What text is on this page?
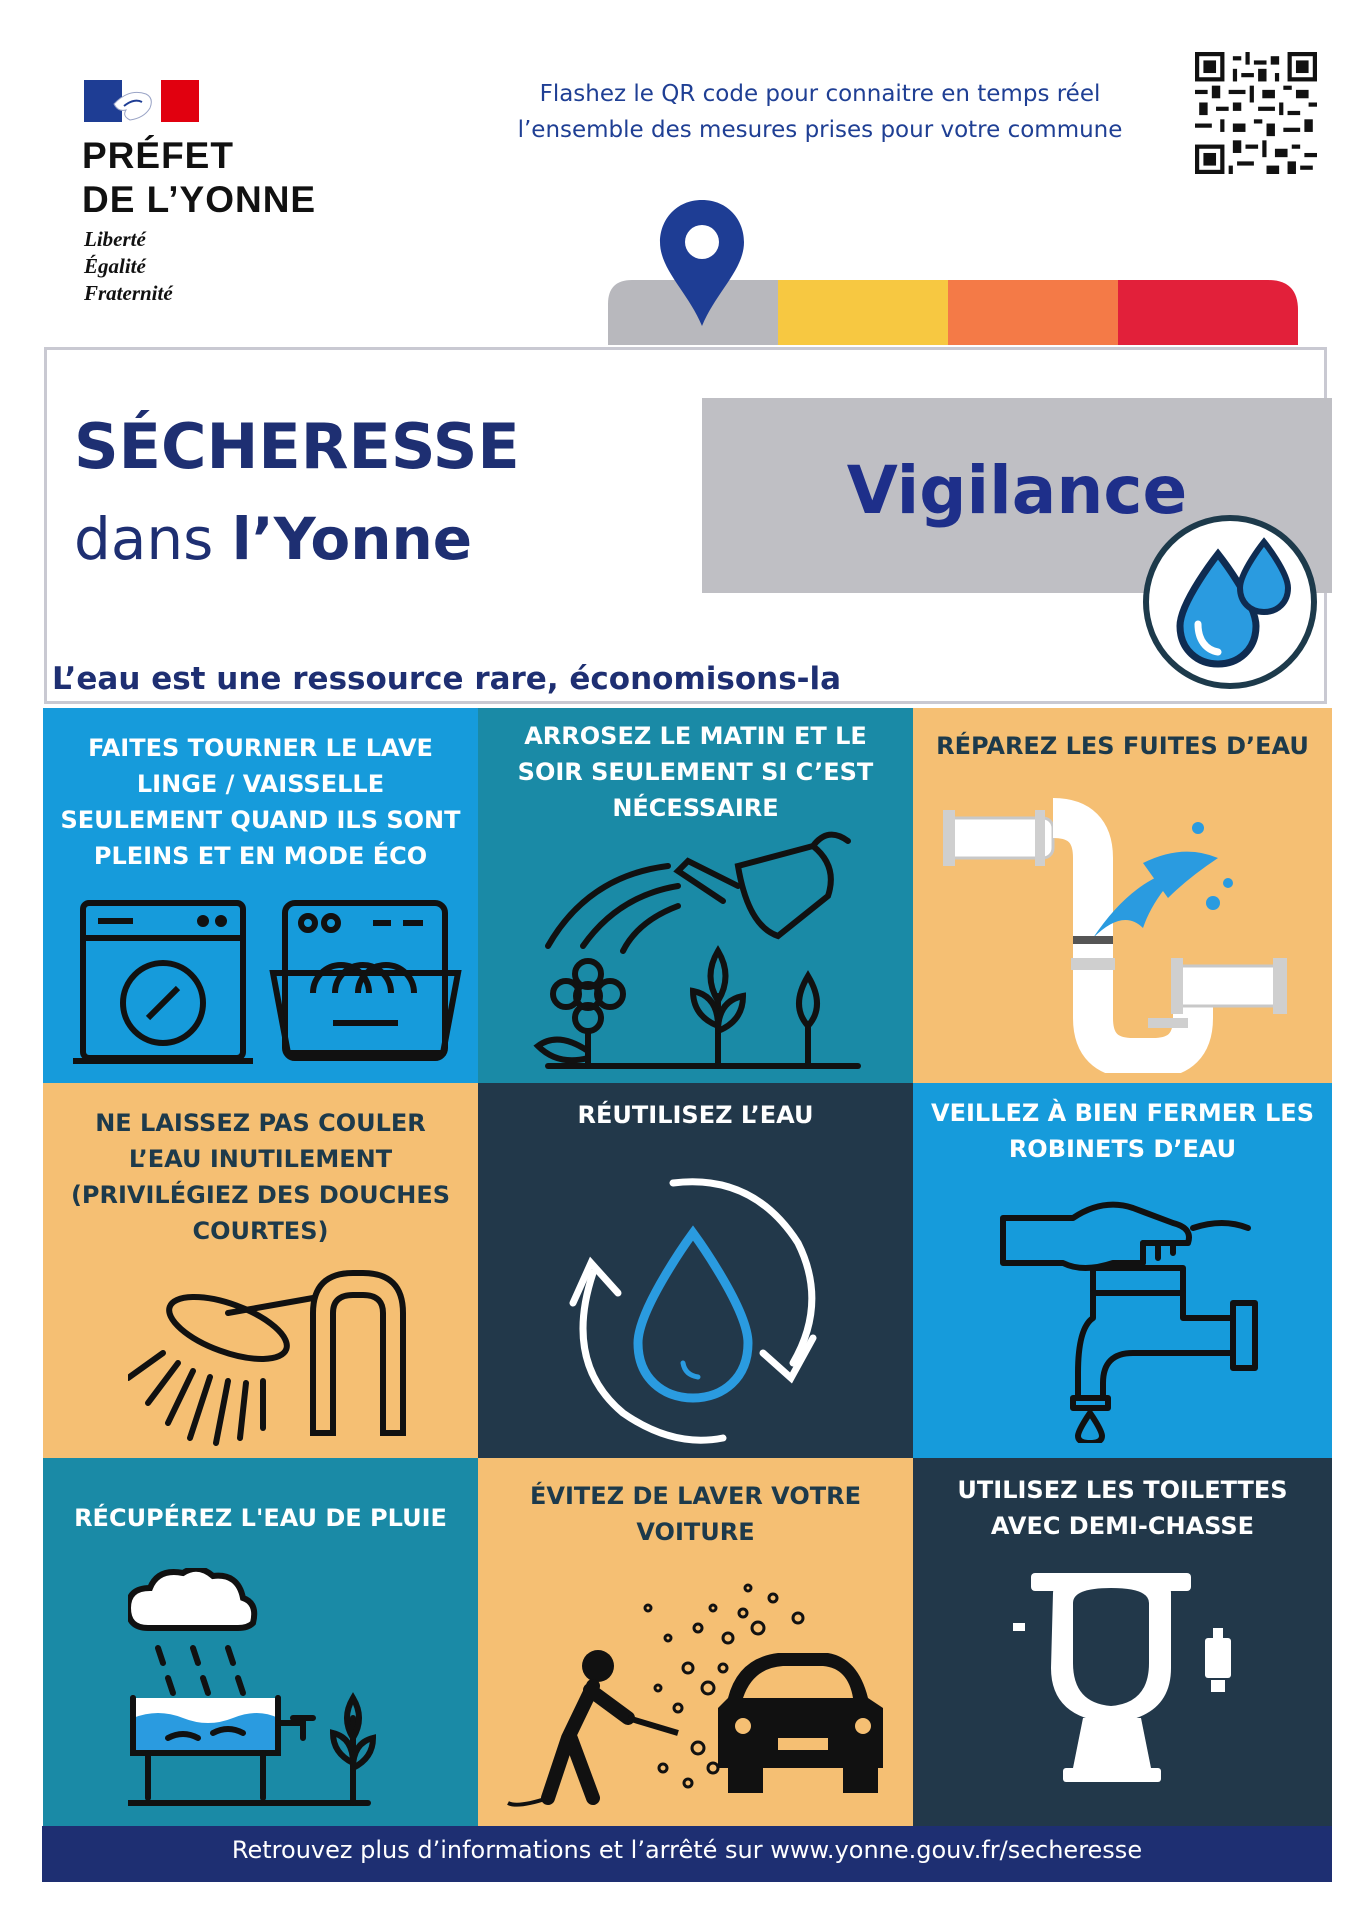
PRÉFET
DE L’YONNE
Liberté
Égalité
Fraternité
Flashez le QR code pour connaitre en temps réel
l’ensemble des mesures prises pour votre commune
SÉCHERESSE
dans l’Yonne
Vigilance
L’eau est une ressource rare, économisons-la
FAITES TOURNER LE LAVE
LINGE / VAISSELLE
SEULEMENT QUAND ILS SONT
PLEINS ET EN MODE ÉCO
ARROSEZ LE MATIN ET LE
SOIR SEULEMENT SI C’EST
NÉCESSAIRE
RÉPAREZ LES FUITES D’EAU
NE LAISSEZ PAS COULER
L’EAU INUTILEMENT
(PRIVILÉGIEZ DES DOUCHES
COURTES)
RÉUTILISEZ L’EAU	VEILLEZ À BIEN FERMER LES
ROBINETS D’EAU
RÉCUPÉREZ L'EAU DE PLUIE
ÉVITEZ DE LAVER VOTRE
VOITURE
UTILISEZ LES TOILETTES
AVEC DEMI-CHASSE
Retrouvez plus d’informations et l’arrêté sur www.yonne.gouv.fr/secheresse
